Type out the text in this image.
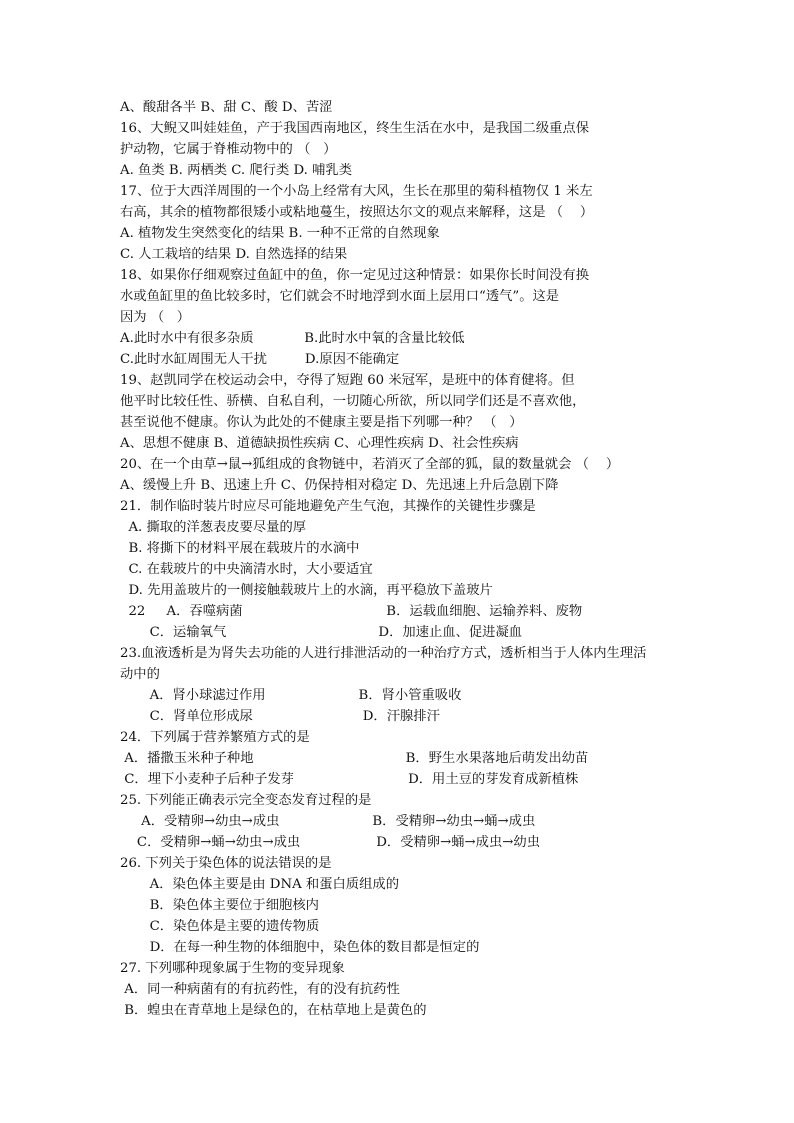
A、酸甜各半 B、甜 C、酸 D、苦涩
16、大鲵又叫娃娃鱼，产于我国西南地区，终生生活在水中，是我国二级重点保
护动物，它属于脊椎动物中的 （   ）
A. 鱼类 B. 两栖类 C. 爬行类 D. 哺乳类
17、位于大西洋周围的一个小岛上经常有大风，生长在那里的菊科植物仅 1 米左
右高，其余的植物都很矮小或粘地蔓生，按照达尔文的观点来解释，这是 （    ）
A. 植物发生突然变化的结果 B. 一种不正常的自然现象
C. 人工栽培的结果 D. 自然选择的结果
18、如果你仔细观察过鱼缸中的鱼，你一定见过这种情景：如果你长时间没有换
水或鱼缸里的鱼比较多时，它们就会不时地浮到水面上层用口“透气”。这是
因为 （   ）
A.此时水中有很多杂质            B.此时水中氧的含量比较低
C.此时水缸周围无人干扰         D.原因不能确定
19、赵凯同学在校运动会中，夺得了短跑 60 米冠军，是班中的体育健将。但
他平时比较任性、骄横、自私自利，一切随心所欲，所以同学们还是不喜欢他，
甚至说他不健康。你认为此处的不健康主要是指下列哪一种？ （   ）
A、思想不健康 B、道德缺损性疾病 C、心理性疾病 D、社会性疾病
20、在一个由草→鼠→狐组成的食物链中，若消灭了全部的狐，鼠的数量就会 （    ）
A、缓慢上升 B、迅速上升 C、仍保持相对稳定 D、先迅速上升后急剧下降
21．制作临时装片时应尽可能地避免产生气泡，其操作的关键性步骤是
A. 撕取的洋葱表皮要尽量的厚
B. 将撕下的材料平展在载玻片的水滴中
C. 在载玻片的中央滴清水时，大小要适宜
D. 先用盖玻片的一侧接触载玻片上的水滴，再平稳放下盖玻片
22     A．吞噬病菌                                  B．运载血细胞、运输养料、废物
C．运输氧气                                    D．加速止血、促进凝血
23.血液透析是为肾失去功能的人进行排泄活动的一种治疗方式，透析相当于人体内生理活
动中的
A．肾小球滤过作用                      B．肾小管重吸收
C．肾单位形成尿                          D．汗腺排汗
24．下列属于营养繁殖方式的是
A．播撒玉米种子种地                                    B．野生水果落地后萌发出幼苗
C．埋下小麦种子后种子发芽                           D．用土豆的芽发育成新植株
25. 下列能正确表示完全变态发育过程的是
A．受精卵→幼虫→成虫                      B．受精卵→幼虫→蛹→成虫
C．受精卵→蛹→幼虫→成虫                  D．受精卵→蛹→成虫→幼虫
26. 下列关于染色体的说法错误的是
A．染色体主要是由 DNA 和蛋白质组成的
B．染色体主要位于细胞核内
C．染色体是主要的遗传物质
D．在每一种生物的体细胞中，染色体的数目都是恒定的
27. 下列哪种现象属于生物的变异现象
A．同一种病菌有的有抗药性，有的没有抗药性
B．蝗虫在青草地上是绿色的，在枯草地上是黄色的
